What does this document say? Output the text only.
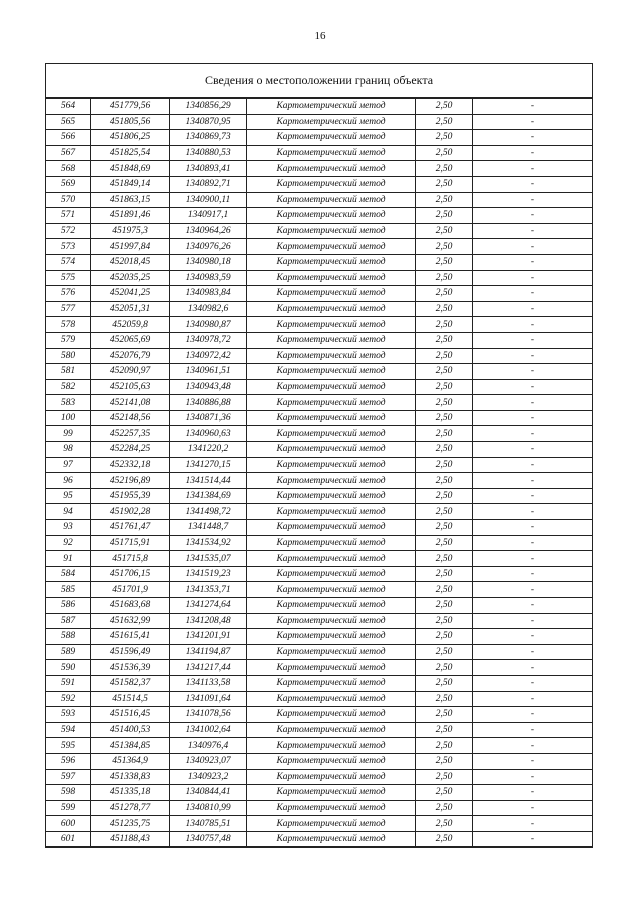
16
Сведения о местоположении границ объекта
564	451779,56	1340856,29	Картометрический метод	2,50	-
565	451805,56	1340870,95	Картометрический метод	2,50	-
566	451806,25	1340869,73	Картометрический метод	2,50	-
567	451825,54	1340880,53	Картометрический метод	2,50	-
568	451848,69	1340893,41	Картометрический метод	2,50	-
569	451849,14	1340892,71	Картометрический метод	2,50	-
570	451863,15	1340900,11	Картометрический метод	2,50	-
571	451891,46	1340917,1	Картометрический метод	2,50	-
572	451975,3	1340964,26	Картометрический метод	2,50	-
573	451997,84	1340976,26	Картометрический метод	2,50	-
574	452018,45	1340980,18	Картометрический метод	2,50	-
575	452035,25	1340983,59	Картометрический метод	2,50	-
576	452041,25	1340983,84	Картометрический метод	2,50	-
577	452051,31	1340982,6	Картометрический метод	2,50	-
578	452059,8	1340980,87	Картометрический метод	2,50	-
579	452065,69	1340978,72	Картометрический метод	2,50	-
580	452076,79	1340972,42	Картометрический метод	2,50	-
581	452090,97	1340961,51	Картометрический метод	2,50	-
582	452105,63	1340943,48	Картометрический метод	2,50	-
583	452141,08	1340886,88	Картометрический метод	2,50	-
100	452148,56	1340871,36	Картометрический метод	2,50	-
99	452257,35	1340960,63	Картометрический метод	2,50	-
98	452284,25	1341220,2	Картометрический метод	2,50	-
97	452332,18	1341270,15	Картометрический метод	2,50	-
96	452196,89	1341514,44	Картометрический метод	2,50	-
95	451955,39	1341384,69	Картометрический метод	2,50	-
94	451902,28	1341498,72	Картометрический метод	2,50	-
93	451761,47	1341448,7	Картометрический метод	2,50	-
92	451715,91	1341534,92	Картометрический метод	2,50	-
91	451715,8	1341535,07	Картометрический метод	2,50	-
584	451706,15	1341519,23	Картометрический метод	2,50	-
585	451701,9	1341353,71	Картометрический метод	2,50	-
586	451683,68	1341274,64	Картометрический метод	2,50	-
587	451632,99	1341208,48	Картометрический метод	2,50	-
588	451615,41	1341201,91	Картометрический метод	2,50	-
589	451596,49	1341194,87	Картометрический метод	2,50	-
590	451536,39	1341217,44	Картометрический метод	2,50	-
591	451582,37	1341133,58	Картометрический метод	2,50	-
592	451514,5	1341091,64	Картометрический метод	2,50	-
593	451516,45	1341078,56	Картометрический метод	2,50	-
594	451400,53	1341002,64	Картометрический метод	2,50	-
595	451384,85	1340976,4	Картометрический метод	2,50	-
596	451364,9	1340923,07	Картометрический метод	2,50	-
597	451338,83	1340923,2	Картометрический метод	2,50	-
598	451335,18	1340844,41	Картометрический метод	2,50	-
599	451278,77	1340810,99	Картометрический метод	2,50	-
600	451235,75	1340785,51	Картометрический метод	2,50	-
601	451188,43	1340757,48	Картометрический метод	2,50	-
